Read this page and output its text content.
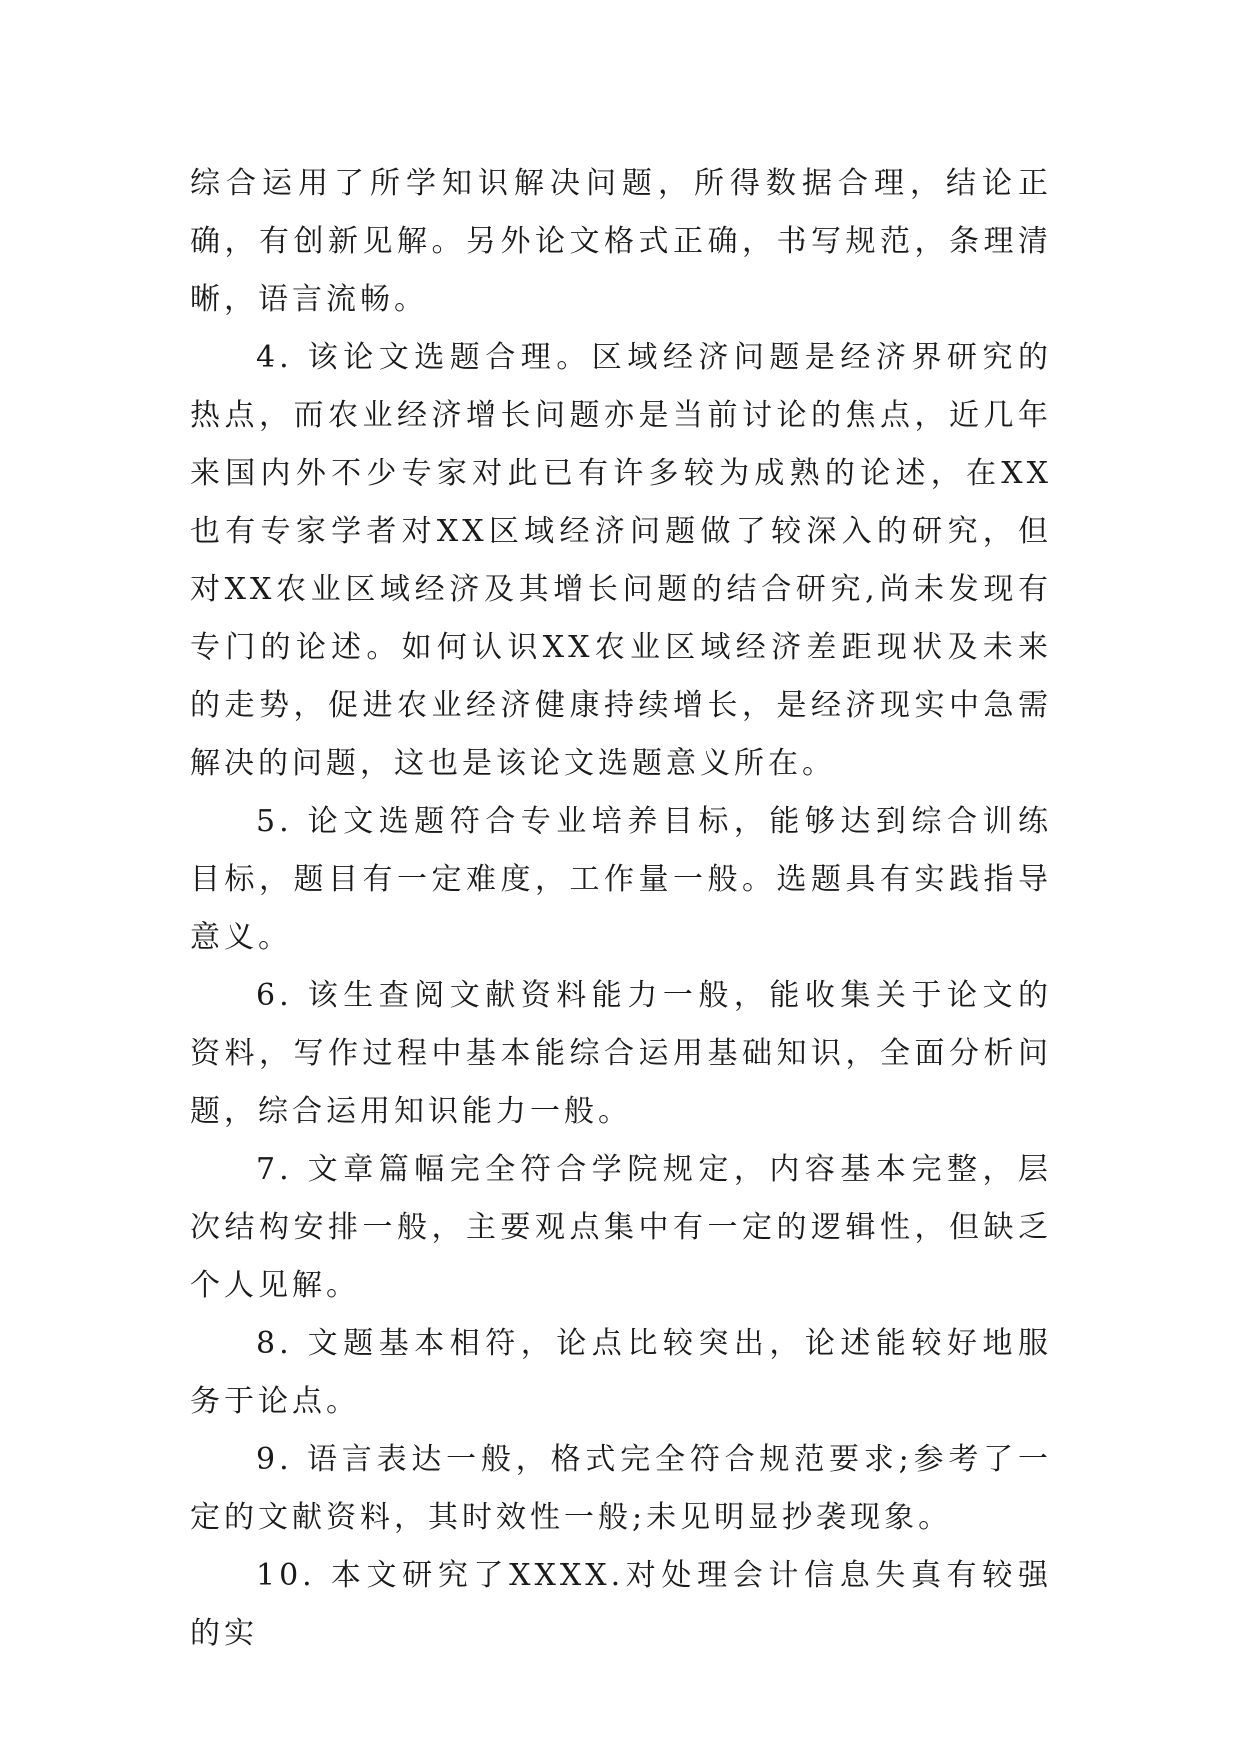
综合运用了所学知识解决问题，所得数据合理，结论正确，有创新见解。另外论文格式正确，书写规范，条理清晰，语言流畅。

4. 该论文选题合理。区域经济问题是经济界研究的热点，而农业经济增长问题亦是当前讨论的焦点，近几年来国内外不少专家对此已有许多较为成熟的论述，在XX也有专家学者对XX区域经济问题做了较深入的研究，但对XX农业区域经济及其增长问题的结合研究,尚未发现有专门的论述。如何认识XX农业区域经济差距现状及未来的走势，促进农业经济健康持续增长，是经济现实中急需解决的问题，这也是该论文选题意义所在。

5. 论文选题符合专业培养目标，能够达到综合训练目标，题目有一定难度，工作量一般。选题具有实践指导意义。

6. 该生查阅文献资料能力一般，能收集关于论文的资料，写作过程中基本能综合运用基础知识，全面分析问题，综合运用知识能力一般。

7. 文章篇幅完全符合学院规定，内容基本完整，层次结构安排一般，主要观点集中有一定的逻辑性，但缺乏个人见解。

8. 文题基本相符，论点比较突出，论述能较好地服务于论点。

9. 语言表达一般，格式完全符合规范要求;参考了一定的文献资料，其时效性一般;未见明显抄袭现象。

10. 本文研究了XXXX.对处理会计信息失真有较强的实
